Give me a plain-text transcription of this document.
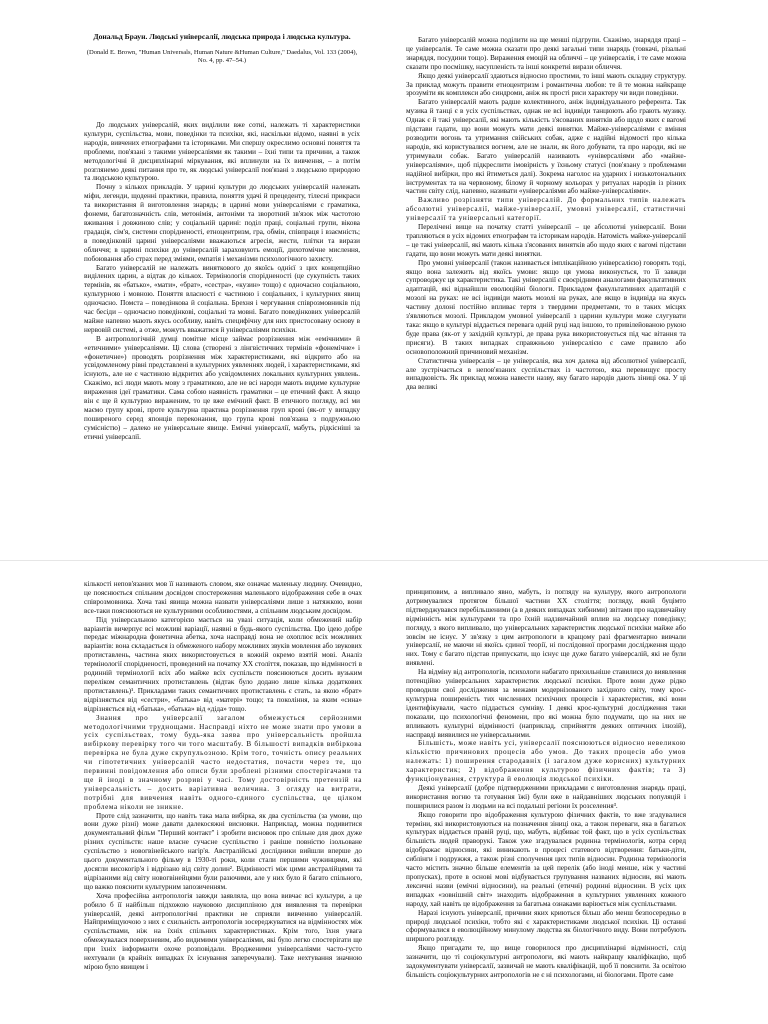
Дональд Браун. Людські універсалії, людська природа і людська культура.

(Donald E. Brown, "Human Universals, Human Nature &Human Culture," Daedalus, Vol. 133 (2004), No. 4, pp. 47–54.)

До людських універсалій, яких виділили вже сотні, належать ті характеристики культури, суспільства, мови, поведінки та психіки, які, наскільки відомо, наявні в усіх народів, вивчених етнографами та істориками. Ми спершу окреслимо основні поняття та проблеми, пов'язані з такими універсаліями як такими – їхні типи та причини, а також методологічні й дисциплінарні міркування, які вплинули на їх вивчення, – а потім розглянемо деякі питання про те, як людські універсалії пов'язані з людською природою та людською культурою.

Почну з кількох прикладів. У царині культури до людських універсалій належать міфи, легенди, щоденні практики, правила, поняття удачі й прецеденту, тілесні прикраси та використання й виготовлення знарядь; в царині мови універсаліями є граматика, фонеми, багатозначність слів, метонімія, антоніми та зворотний зв'язок між частотою вживання і довжиною слів; у соціальній царині: поділ праці, соціальні групи, вікова градація, сім'я, системи спорідненості, етноцентризм, гра, обмін, співпраця і взаємність; в поведінковій царині універсаліями вважаються агресія, жести, плітки та вирази обличчя; в царині психіки до універсалій зараховують емоції, дихотомічне мислення, побоювання або страх перед зміями, емпатія і механізми психологічного захисту.

Багато універсалій не належать виняткового до якоїсь однієї з цих концепційно виділених царин, а відтак до кількох. Термінологія спорідненості (це сукупність таких термінів, як «батько», «мати», «брат», «сестра», «кузин» тощо) є одночасно соціальною, культурною і мовною. Поняття власності є частиною і соціальних, і культурних явищ одночасно. Помста – поведінкова й соціальна. Брехня і чергування співрозмовників під час бесіди – одночасно поведінкові, соціальні та мовні. Багато поведінкових універсалій майже напевно мають якусь особливу, навіть специфічну для них пристосовану основу в нервовій системі, а отже, можуть вважатися й універсаліями психіки.

В антропологічній думці помітне місце займає розрізнення між «емічними» й «етичними» універсаліями. Ці слова (створені з лінгвістичних термінів «фонемічне» і «фонетичне») проводять розрізнення між характеристиками, які відкрито або на усвідомленому рівні представлені в культурних уявленнях людей, і характеристиками, які існують, але не є частиною відкритих або усвідомлених локальних культурних уявлень. Скажімо, всі люди мають мову з граматикою, але не всі народи мають видиме культурне вираження ідеї граматики. Сама собою наявність граматики – це етичний факт. А якщо він є ще й культурно вираженим, то це вже емічний факт. В етичного погляду, всі ми маємо групу крові, проте культурна практика розрізнення груп крові (як-от у випадку поширеного серед японців переконання, що група крові пов'язана з подружньою сумісністю) – далеко не універсальне явище. Емічні універсалії, мабуть, рідкісніші за етичні універсалії.

Багато універсалій можна поділити на ще менші підгрупи. Скажімо, знаряддя праці – це універсалія. Те саме можна сказати про деякі загальні типи знарядь (товкачі, різальні знаряддя, посудини тощо). Вираження емоцій на обличчі – це універсалія, і те саме можна сказати про посмішку, насупленість та інші конкретні вирази обличчя.

Якщо деякі універсалії здаються відносно простими, то інші мають складну структуру. За приклад можуть правити етноцентризм і романтична любов: те й те можна найкраще зрозуміти як комплекси або синдроми, аніж як прості риси характеру чи види поведінки.

Багато універсалій мають радше колективного, аніж індивідуального референта. Так музика й танці є в усіх суспільствах, однак не всі індивіди танцюють або грають музику. Однак є й такі універсалії, які мають кількість з'ясованих винятків або щодо яких є вагомі підстави гадати, що вони можуть мати деякі винятки. Майже-універсаліями є вміння розводити вогонь та утримання свійських собак, адже є надійні відомості про кілька народів, які користувалися вогнем, але не знали, як його добувати, та про народи, які не утримували собак. Багато універсалій називають «універсаліями або «майже-універсаліями», щоб підкреслити імовірність у їхньому статусі (пов'язану з проблемами надійної вибірки, про які йтиметься далі). Зокрема наголос на ударних і низькотональних інструментах та на червоному, білому й чорному кольорах у ритуалах народів із різних частин світу слід, напевно, називати «універсаліями або майже-універсаліями».

Важливо розрізняти типи універсалій. До формальних типів належать абсолютні універсалії, майже-універсалії, умовні універсалії, статистичні універсалії та універсальні категорії.

Перелічені вище на початку статті універсалії – це абсолютні універсалії. Вони трапляються в усіх відомих етнографам та історикам народів. Натомість майже-універсалії – це такі універсалії, які мають кілька з'ясованих винятків або щодо яких є вагомі підстави гадати, що вони можуть мати деякі винятки.

Про умовні універсалії (також називається імплікаційною універсалією) говорять тоді, якщо вона залежить від якоїсь умови: якщо ця умова виконується, то її завжди супроводжує ця характеристика. Такі універсалії є своєрідними аналогами факультативних адаптацій, які віднайшли еволюційні біологи. Прикладом факультативних адаптацій є мозолі на руках: не всі індивіди мають мозолі на руках, але якщо в індивіда на якусь частину долоні постійно впливає тертя з твердими предметами, то в таких місцях з'являються мозолі. Прикладом умовної універсалії з царини культури може слугувати така: якщо в культурі віддається перевага одній руці над іншою, то привілейованою рукою буде права (як-от у західній культурі, де права рука використовується під час вітання та присяги). В таких випадках справжньою універсалією є саме правило або основоположний причиновий механізм.

Статистична універсалія – це універсалія, яка хоч далека від абсолютної універсалії, але зустрічається в непов'язаних суспільствах із частотою, яка перевищує просту випадковість. Як приклад можна навести назву, яку багато народів дають зіниці ока. У ці два великі

кількості непов'язаних мов її називають словом, яке означає маленьку людину. Очевидно, це пояснюється спільним досвідом спостереження маленького відображення себе в очах співрозмовника. Хоча такі явища можна назвати універсаліями лише з натяжкою, вони все-таки пояснюються не культурними особливостями, а спільним людським досвідом.

Під універсальною категорією мається на увазі ситуація, коли обмежений набір варіантів вичерпує всі можливі варіації, наявні в будь-якого суспільства. Цю ідею добре передає міжнародна фонетична абетка, хоча насправді вона не охоплює всіх можливих варіантів: вона складається із обмеженого набору можливих звуків мовлення або звукових протиставлень, частина яких використовується в кожній окремо взятій мові. Аналіз термінології спорідненості, проведений на початку ХХ століття, показав, що відмінності в родинній термінології всіх або майже всіх суспільств пояснюються досить вузьким переліком семантичних протиставлень (відтак було додано лише кілька додаткових протиставлень)¹. Прикладами таких семантичних протиставлень є стать, за якою «брат» відрізняється від «сестри», «батька» від «матері» тощо; та покоління, за яким «сина» відрізняється від «батька», «батька» від «діда» тощо.

Знання про універсалії загалом обмежується серйозними методологічними труднощами. Насправді ніхто не може знати про умови в усіх суспільствах, тому будь-яка заява про універсальність пройшла вибіркову перевірку того чи того масштабу. В більшості випадків вибіркова перевірка не була дуже скрупульозною. Крім того, точність опису реальних чи гіпотетичних універсалій часто недостатня, почасти через те, що первинні повідомлення або описи були зроблені різними спостерігачами та ще й іноді в значному розриві у часі. Тому достовірність претензій на універсальність – досить варіативна величина. З огляду на витрати, потрібні для вивчення навіть одного-єдиного суспільства, це цілком проблема ніколи не зникне.

Проте слід зазначити, що навіть така мала вибірка, як два суспільства (за умови, що вони дуже різні) може давати далекосяжні висновки. Наприклад, можна подивитися документальний фільм "Перший контакт" і зробити висновок про спільне для двох дуже різних суспільств: наше власне сучасне суспільство і раніше повністю ізольоване суспільство з новогвінейського нагір'я. Австралійські дослідники вийшли вперше до цього документального фільму в 1930-ті роки, коли стали першими чужинцями, які досягли високогір'я і відрізано від світу долин². Відмінності між цими австралійцями та відрізаними від світу новогвінейцями були разючими, але у них було й багато спільного, що важко пояснити культурним запозиченням.

Хоча професійна антропологія завжди заявляла, що вона вивчає всі культури, а це робило б її найбільш підхожою науковою дисципліною для виявлення та перевірки універсалій, деякі антропологічні практики не сприяли вивченню універсалій. Найприміщуючою з них є схильність антропологів зосереджуватися на відмінностях між суспільствами, ніж на їхніх спільних характеристиках. Крім того, їхня увага обмежувалася поверхневим, або видимими універсаліями, які було легко спостерігати ще при їхніх інформанти охоче розповідали. Вродженими універсаліями часто-густо нехтували (в крайніх випадках їх існування заперечували). Таке нехтування значною мірою було явищем і

принциповим, а випливало явно, мабуть, із погляду на культуру, якого антропологи дотримувалися протягом більшої частини ХХ століття; погляду, який буцімто підтверджувався перебільшеними (а в деяких випадках хибними) звітами про надзвичайну відмінність між культурами та про їхній надзвичайний вплив на людську поведінку; погляду, з якого випливало, що універсальних характеристик людської психіки майже або зовсім не існує. У зв'язку з цим антропологи в кращому разі фрагментарно вивчали універсалії, не маючи ні якоїсь єдиної теорії, ні послідовної програми дослідження щодо них. Тому є багато підстав припускати, що існує ще дуже багато універсалій, які не були виявлені.

На відміну від антропологів, психологи набагато прихильніше ставилися до виявлення потенційно універсальних характеристик людської психіки. Проте вони дуже рідко проводили свої дослідження за межами модернізованого західного світу, тому крос-культурна поширеність тих численних психічних процесів і характеристик, які вони ідентифікували, часто піддається сумніву. І деякі крос-культурні дослідження таки показали, що психологічні феномени, про які можна було подумати, що на них не впливають культурні відмінності (наприклад, сприйняття деяких оптичних ілюзій), насправді виявилися не універсальними.

Більшість, може навіть усі, універсалії пояснюються відносно невеликою кількістю причинових процесів або умов. До таких процесів або умов належать: 1) поширення стародавніх (і загалом дуже корисних) культурних характеристик; 2) відображення культурою фізичних фактів; та 3) функціонування, структура й еволюція людської психіки.

Деякі універсалії (добре підтвердженими прикладами є виготовлення знарядь праці, використання вогню та готування їжі) були вже в найдавніших людських популяцій і поширилися разом із людьми на всі подальші регіони їх розселення³.

Якщо говорити про відображення культурою фізичних фактів, то вже згадувалися терміни, які використовуються на позначення зіниці ока, а також переваги, яка в багатьох культурах віддається правій руці, що, мабуть, відбиває той факт, що в усіх суспільствах більшість людей праворукі. Також уже згадувалася родинна термінологія, котра серед відображає відносини, які виникають в процесі статевого відтворення: батьки-діти, сиблінги і подружжя, а також різні сполучення цих типів відносин. Родинна термінологія часто містить значно більше елементів за цей перелік (або іноді менше, ніж у частині пропусках), проте в основі мові відбувається групування названих відносин, які мають лексичні назви (емічні відносини), на реальні (етичні) родинні відносини. В усіх цих випадках «зовнішній світ» знаходить відображення в культурних уявленнях кожного народу, хай навіть це відображення за багатьма ознаками варіюється між суспільствами.

Наразі існують універсалії, причини яких криються більш або менш безпосередньо в природі людської психіки, тобто які є характеристиками людської психіки. Ці останні сформувалися в еволюційному минулому людства як біологічного виду. Вони потребують ширшого розгляду.

Якщо пригадати те, що вище говорилося про дисциплінарні відмінності, слід зазначити, що ті соціокультурні антропологи, які мають найкращу кваліфікацію, щоб задокументувати універсалії, зазвичай не мають кваліфікацій, щоб її пояснити. За освітою більшість соціокультурних антропологів не є ні психологами, ні біологами. Проте саме
